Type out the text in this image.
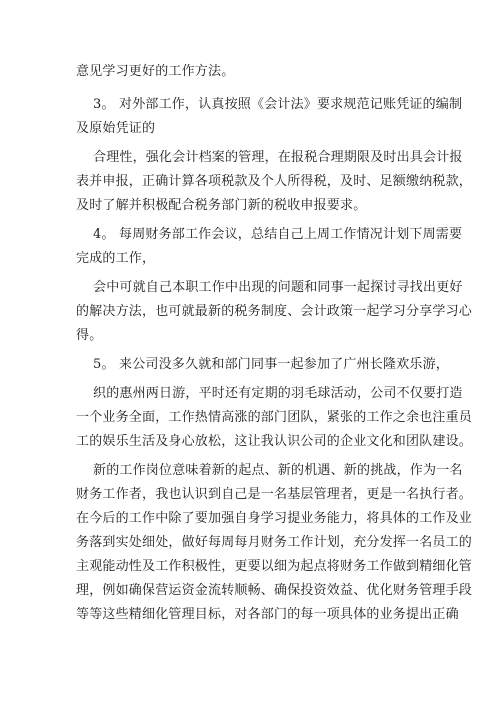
意见学习更好的工作方法。
3。 对外部工作，认真按照《会计法》要求规范记账凭证的编制
及原始凭证的
合理性，强化会计档案的管理，在报税合理期限及时出具会计报
表并申报，正确计算各项税款及个人所得税，及时、足额缴纳税款，
及时了解并积极配合税务部门新的税收申报要求。
4。 每周财务部工作会议，总结自己上周工作情况计划下周需要
完成的工作，
会中可就自己本职工作中出现的问题和同事一起探讨寻找出更好
的解决方法，也可就最新的税务制度、会计政策一起学习分享学习心
得。
5。 来公司没多久就和部门同事一起参加了广州长隆欢乐游，
织的惠州两日游，平时还有定期的羽毛球活动，公司不仅要打造
一个业务全面，工作热情高涨的部门团队，紧张的工作之余也注重员
工的娱乐生活及身心放松，这让我认识公司的企业文化和团队建设。
新的工作岗位意味着新的起点、新的机遇、新的挑战，作为一名
财务工作者，我也认识到自己是一名基层管理者，更是一名执行者。
在今后的工作中除了要加强自身学习提业务能力，将具体的工作及业
务落到实处细处，做好每周每月财务工作计划，充分发挥一名员工的
主观能动性及工作积极性，更要以细为起点将财务工作做到精细化管
理，例如确保营运资金流转顺畅、确保投资效益、优化财务管理手段
等等这些精细化管理目标，对各部门的每一项具体的业务提出正确
